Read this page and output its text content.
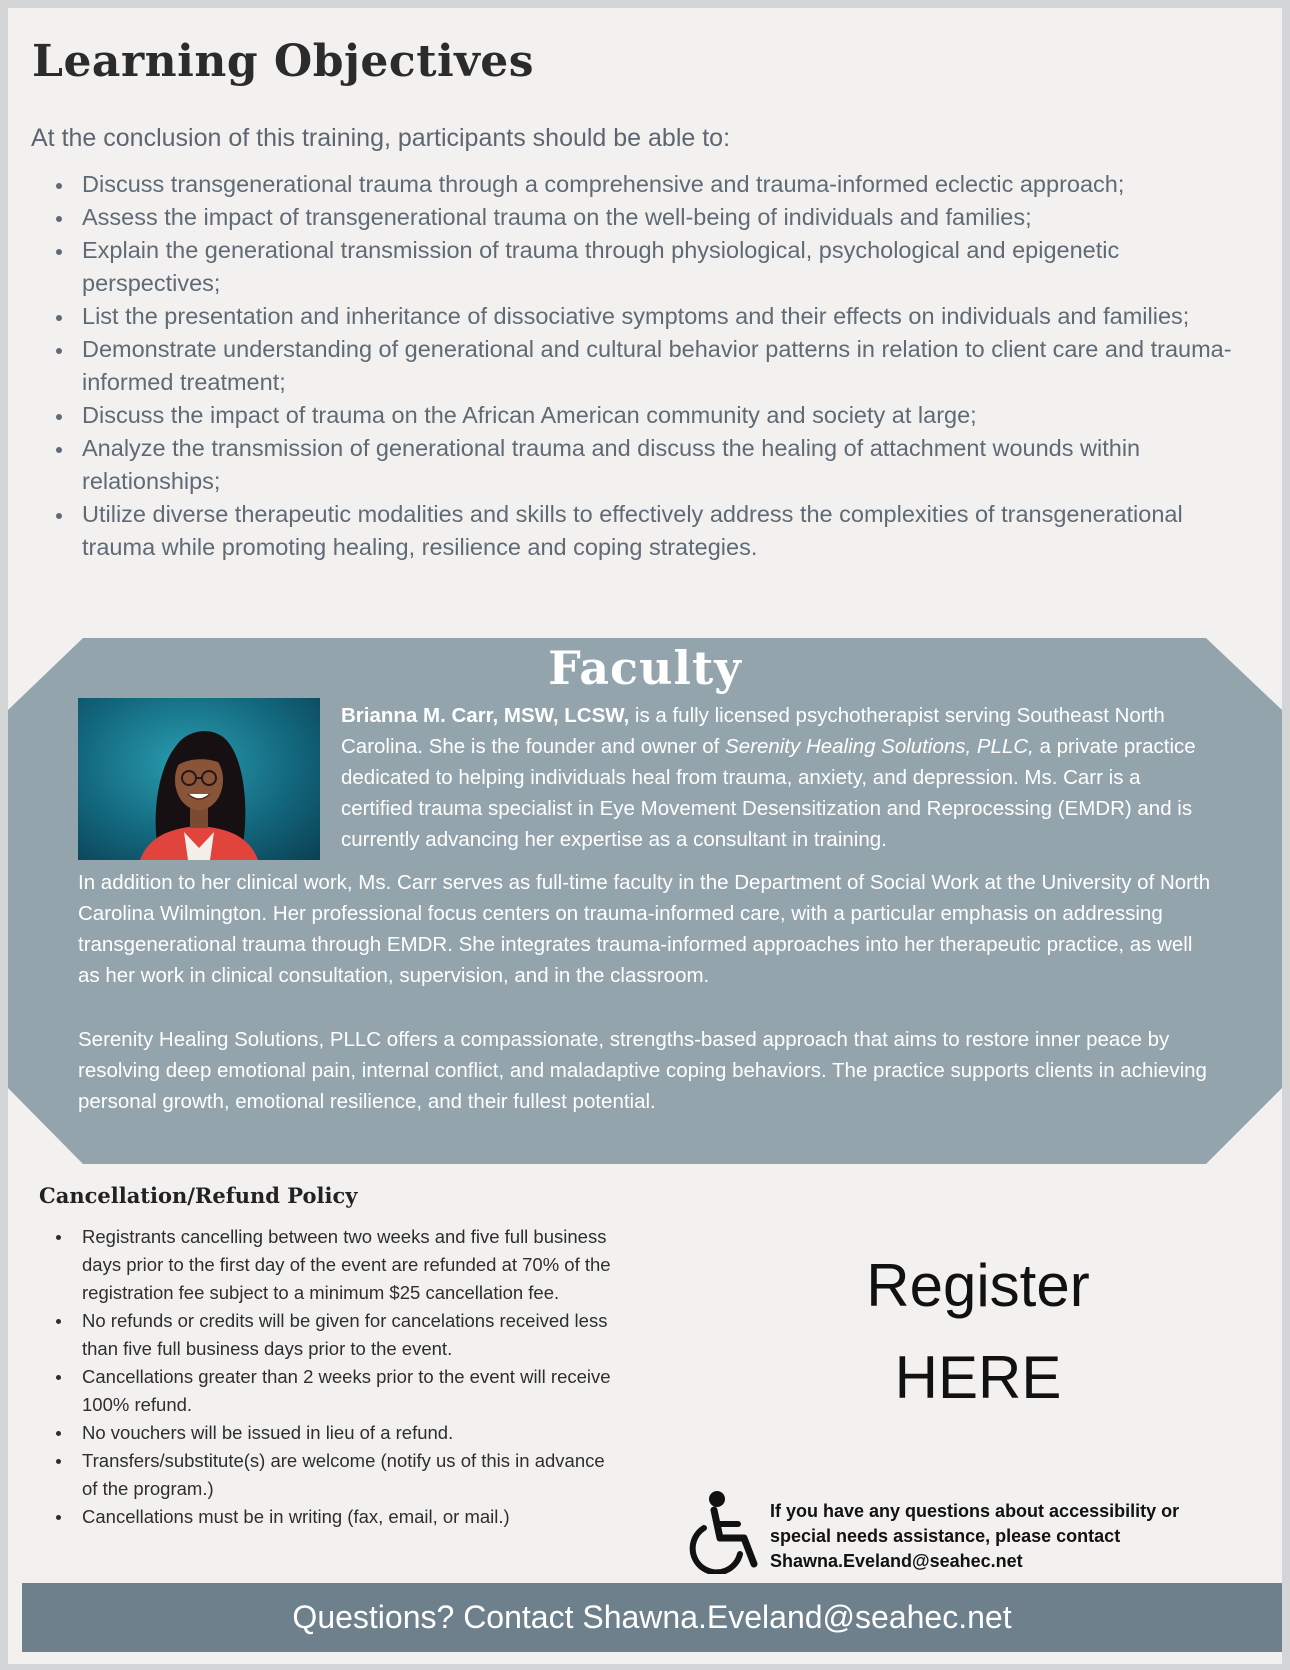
Learning Objectives

At the conclusion of this training, participants should be able to:

Discuss transgenerational trauma through a comprehensive and trauma-informed eclectic approach;
Assess the impact of transgenerational trauma on the well-being of individuals and families;
Explain the generational transmission of trauma through physiological, psychological and epigenetic perspectives;
List the presentation and inheritance of dissociative symptoms and their effects on individuals and families;
Demonstrate understanding of generational and cultural behavior patterns in relation to client care and trauma-informed treatment;
Discuss the impact of trauma on the African American community and society at large;
Analyze the transmission of generational trauma and discuss the healing of attachment wounds within relationships;
Utilize diverse therapeutic modalities and skills to effectively address the complexities of transgenerational trauma while promoting healing, resilience and coping strategies.
Faculty

Brianna M. Carr, MSW, LCSW, is a fully licensed psychotherapist serving Southeast North Carolina. She is the founder and owner of Serenity Healing Solutions, PLLC, a private practice dedicated to helping individuals heal from trauma, anxiety, and depression. Ms. Carr is a certified trauma specialist in Eye Movement Desensitization and Reprocessing (EMDR) and is currently advancing her expertise as a consultant in training.

In addition to her clinical work, Ms. Carr serves as full-time faculty in the Department of Social Work at the University of North Carolina Wilmington. Her professional focus centers on trauma-informed care, with a particular emphasis on addressing transgenerational trauma through EMDR. She integrates trauma-informed approaches into her therapeutic practice, as well as her work in clinical consultation, supervision, and in the classroom.

Serenity Healing Solutions, PLLC offers a compassionate, strengths-based approach that aims to restore inner peace by resolving deep emotional pain, internal conflict, and maladaptive coping behaviors. The practice supports clients in achieving personal growth, emotional resilience, and their fullest potential.

Cancellation/Refund Policy
Registrants cancelling between two weeks and five full business days prior to the first day of the event are refunded at 70% of the registration fee subject to a minimum $25 cancellation fee.
No refunds or credits will be given for cancelations received less than five full business days prior to the event.
Cancellations greater than 2 weeks prior to the event will receive 100% refund.
No vouchers will be issued in lieu of a refund.
Transfers/substitute(s) are welcome (notify us of this in advance of the program.)
Cancellations must be in writing (fax, email, or mail.)
Register
HERE

If you have any questions about accessibility or special needs assistance, please contact Shawna.Eveland@seahec.net

Questions? Contact Shawna.Eveland@seahec.net
